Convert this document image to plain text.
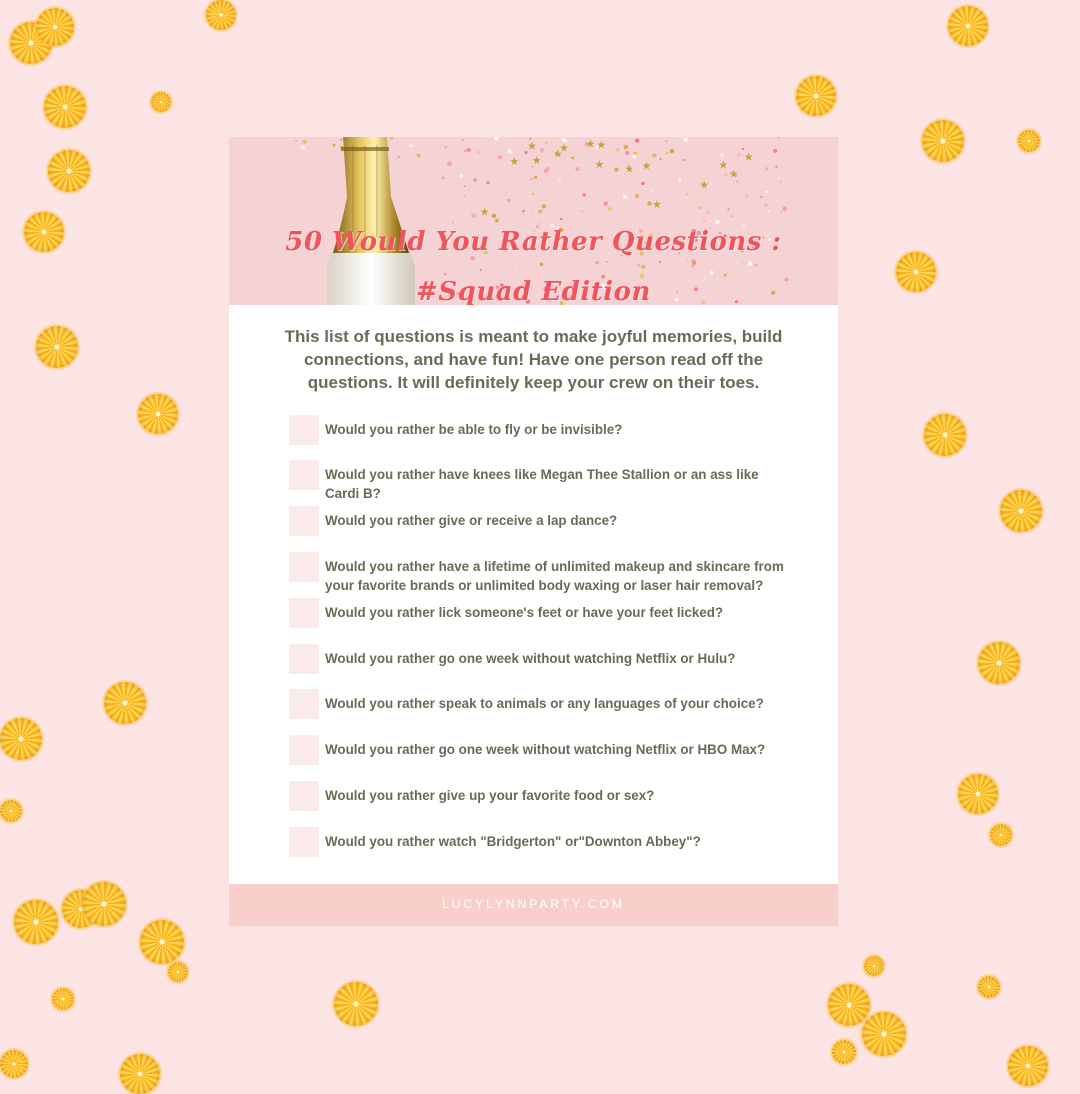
★
★
★
★
★
★	★
★
★
★
★
★
★
★
★	★
50 Would You Rather Questions :
#Squad Edition
This list of questions is meant to make joyful memories, build connections, and have fun! Have one person read off the questions. It will definitely keep your crew on their toes.
Would you rather be able to fly or be invisible?
Would you rather have knees like Megan Thee Stallion or an ass like Cardi B?
Would you rather give or receive a lap dance?
Would you rather have a lifetime of unlimited makeup and skincare from your favorite brands or unlimited body waxing or laser hair removal?
Would you rather lick someone's feet or have your feet licked?
Would you rather go one week without watching Netflix or Hulu?
Would you rather speak to animals or any languages of your choice?
Would you rather go one week without watching Netflix or HBO Max?
Would you rather give up your favorite food or sex?
Would you rather watch "Bridgerton" or"Downton Abbey"?
LUCYLYNNPARTY.COM
